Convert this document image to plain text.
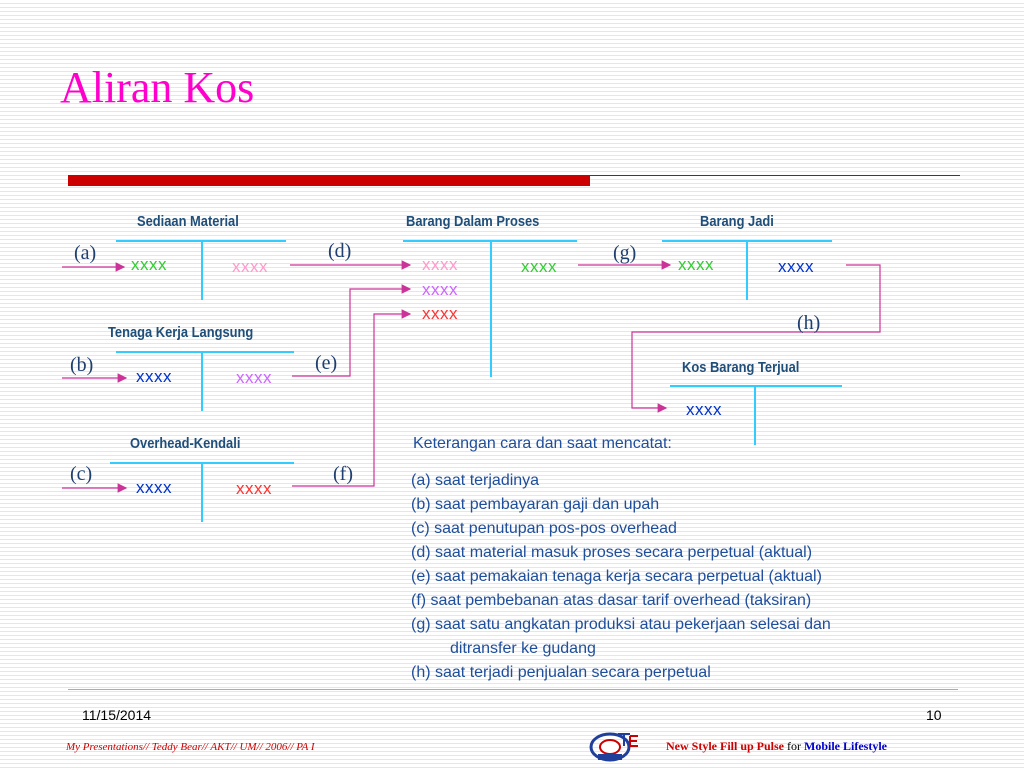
Aliran Kos
Sediaan Material
xxxx	xxxx
Barang Dalam Proses
xxxx
xxxx
xxxx
xxxx
Barang Jadi
xxxx	xxxx
Tenaga Kerja Langsung
xxxx	xxxx
Overhead-Kendali
xxxx	xxxx
Kos Barang Terjual
xxxx
(a)
(b)
(c)
(d)
(e)
(f)
(g)
(h)
Keterangan cara dan saat mencatat:
(a) saat terjadinya
(b) saat pembayaran gaji dan upah
(c) saat penutupan pos-pos overhead
(d) saat material masuk proses secara perpetual (aktual)
(e) saat pemakaian tenaga kerja secara perpetual (aktual)
(f) saat pembebanan atas dasar tarif overhead (taksiran)
(g) saat satu angkatan produksi atau pekerjaan selesai dan
ditransfer ke gudang
(h) saat terjadi penjualan secara perpetual
11/15/2014	10
My Presentations// Teddy Bear// AKT// UM// 2006// PA I	New Style Fill up Pulse for Mobile Lifestyle
